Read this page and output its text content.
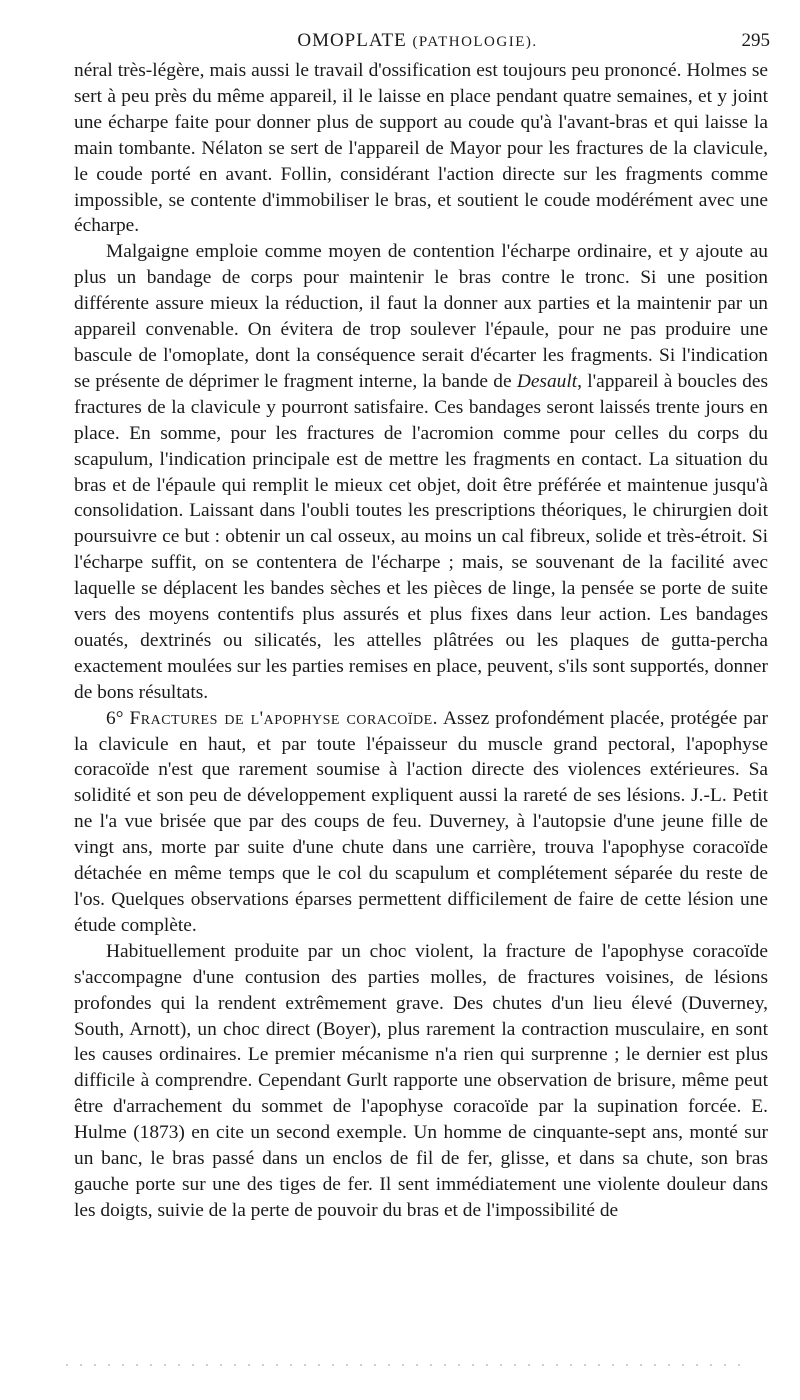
OMOPLATE (PATHOLOGIE).	295

néral très-légère, mais aussi le travail d'ossification est toujours peu prononcé. Holmes se sert à peu près du même appareil, il le laisse en place pendant quatre semaines, et y joint une écharpe faite pour donner plus de support au coude qu'à l'avant-bras et qui laisse la main tombante. Nélaton se sert de l'appareil de Mayor pour les fractures de la clavicule, le coude porté en avant. Follin, considérant l'action directe sur les fragments comme impossible, se contente d'immobiliser le bras, et soutient le coude modérément avec une écharpe.

Malgaigne emploie comme moyen de contention l'écharpe ordinaire, et y ajoute au plus un bandage de corps pour maintenir le bras contre le tronc. Si une position différente assure mieux la réduction, il faut la donner aux parties et la maintenir par un appareil convenable. On évitera de trop soulever l'épaule, pour ne pas produire une bascule de l'omoplate, dont la conséquence serait d'écarter les fragments. Si l'indication se présente de déprimer le fragment interne, la bande de Desault, l'appareil à boucles des fractures de la clavicule y pourront satisfaire. Ces bandages seront laissés trente jours en place. En somme, pour les fractures de l'acromion comme pour celles du corps du scapulum, l'indication principale est de mettre les fragments en contact. La situation du bras et de l'épaule qui remplit le mieux cet objet, doit être préférée et maintenue jusqu'à consolidation. Laissant dans l'oubli toutes les prescriptions théoriques, le chirurgien doit poursuivre ce but : obtenir un cal osseux, au moins un cal fibreux, solide et très-étroit. Si l'écharpe suffit, on se contentera de l'écharpe ; mais, se souvenant de la facilité avec laquelle se déplacent les bandes sèches et les pièces de linge, la pensée se porte de suite vers des moyens contentifs plus assurés et plus fixes dans leur action. Les bandages ouatés, dextrinés ou silicatés, les attelles plâtrées ou les plaques de gutta-percha exactement moulées sur les parties remises en place, peuvent, s'ils sont supportés, donner de bons résultats.

6° Fractures de l'apophyse coracoïde. Assez profondément placée, protégée par la clavicule en haut, et par toute l'épaisseur du muscle grand pectoral, l'apophyse coracoïde n'est que rarement soumise à l'action directe des violences extérieures. Sa solidité et son peu de développement expliquent aussi la rareté de ses lésions. J.-L. Petit ne l'a vue brisée que par des coups de feu. Duverney, à l'autopsie d'une jeune fille de vingt ans, morte par suite d'une chute dans une carrière, trouva l'apophyse coracoïde détachée en même temps que le col du scapulum et complétement séparée du reste de l'os. Quelques observations éparses permettent difficilement de faire de cette lésion une étude complète.

Habituellement produite par un choc violent, la fracture de l'apophyse coracoïde s'accompagne d'une contusion des parties molles, de fractures voisines, de lésions profondes qui la rendent extrêmement grave. Des chutes d'un lieu élevé (Duverney, South, Arnott), un choc direct (Boyer), plus rarement la contraction musculaire, en sont les causes ordinaires. Le premier mécanisme n'a rien qui surprenne ; le dernier est plus difficile à comprendre. Cependant Gurlt rapporte une observation de brisure, même peut être d'arrachement du sommet de l'apophyse coracoïde par la supination forcée. E. Hulme (1873) en cite un second exemple. Un homme de cinquante-sept ans, monté sur un banc, le bras passé dans un enclos de fil de fer, glisse, et dans sa chute, son bras gauche porte sur une des tiges de fer. Il sent immédiatement une violente douleur dans les doigts, suivie de la perte de pouvoir du bras et de l'impossibilité de
